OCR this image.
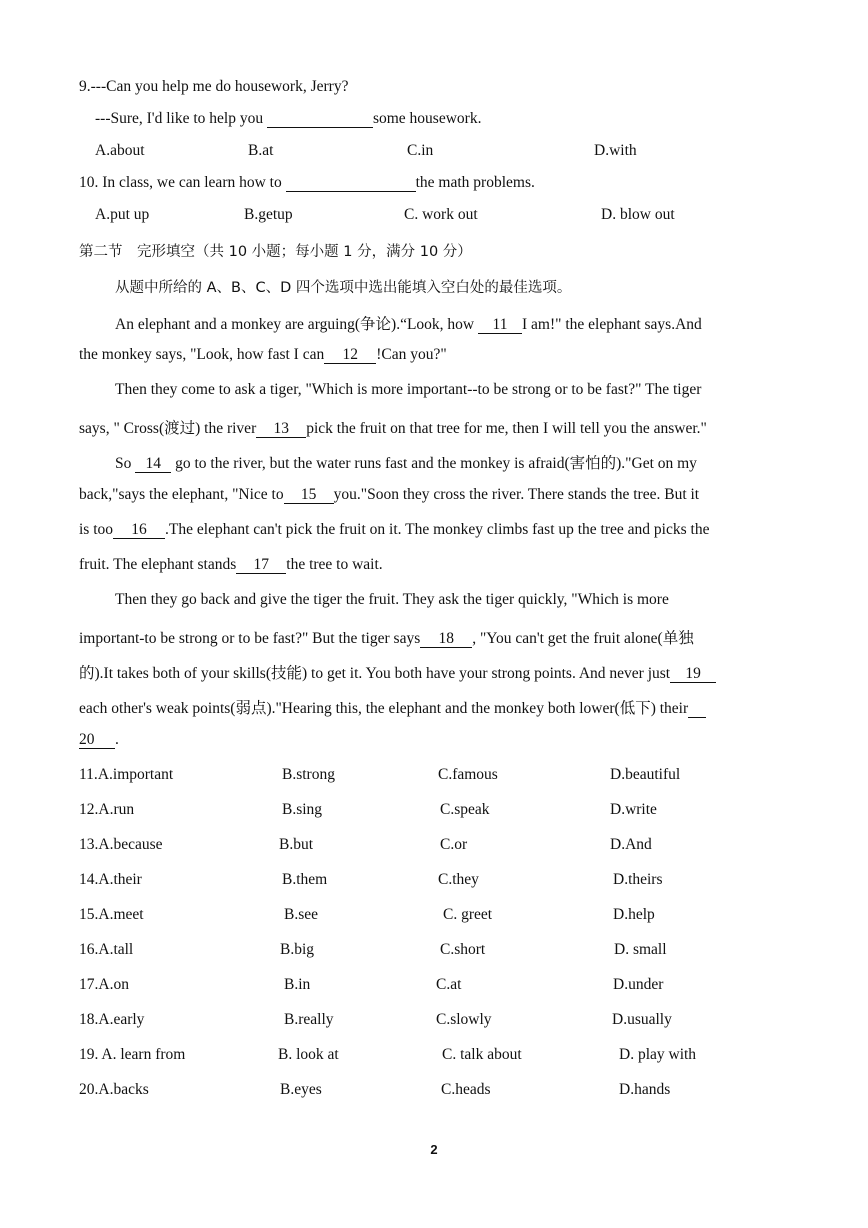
9.---Can you help me do housework, Jerry?
---Sure, I'd like to help you	some housework.
A.about	B.at	C.in	D.with
10. In class, we can learn how to	the math problems.
A.put up	B.getup	C. work out	D. blow out
第二节　完形填空（共 10 小题；每小题 1 分，满分 10 分）
从题中所给的 A、B、C、D 四个选项中选出能填入空白处的最佳选项。
An elephant and a monkey are arguing(争论).“Look, how 11 I am!" the elephant says.And
the monkey says, "Look, how fast I can 12 !Can you?"
Then they come to ask a tiger, "Which is more important--to be strong or to be fast?" The tiger
says, " Cross(渡过) the river 13 pick the fruit on that tree for me, then I will tell you the answer."
So 14 go to the river, but the water runs fast and the monkey is afraid(害怕的)."Get on my
back,"says the elephant, "Nice to 15 you."Soon they cross the river. There stands the tree. But it
is too 16 .The elephant can't pick the fruit on it. The monkey climbs fast up the tree and picks the
fruit. The elephant stands 17 the tree to wait.
Then they go back and give the tiger the fruit. They ask the tiger quickly, "Which is more
important-to be strong or to be fast?" But the tiger says 18 , "You can't get the fruit alone(单独
的).It takes both of your skills(技能) to get it. You both have your strong points. And never just 19
each other's weak points(弱点)."Hearing this, the elephant and the monkey both lower(低下) their
20 .
11.A.important	B.strong	C.famous	D.beautiful
12.A.run	B.sing	C.speak	D.write
13.A.because	B.but	C.or	D.And
14.A.their	B.them	C.they	D.theirs
15.A.meet	B.see	C. greet	D.help
16.A.tall	B.big	C.short	D. small
17.A.on	B.in	C.at	D.under
18.A.early	B.really	C.slowly	D.usually
19. A. learn from	B. look at	C. talk about	D. play with
20.A.backs	B.eyes	C.heads	D.hands
2
